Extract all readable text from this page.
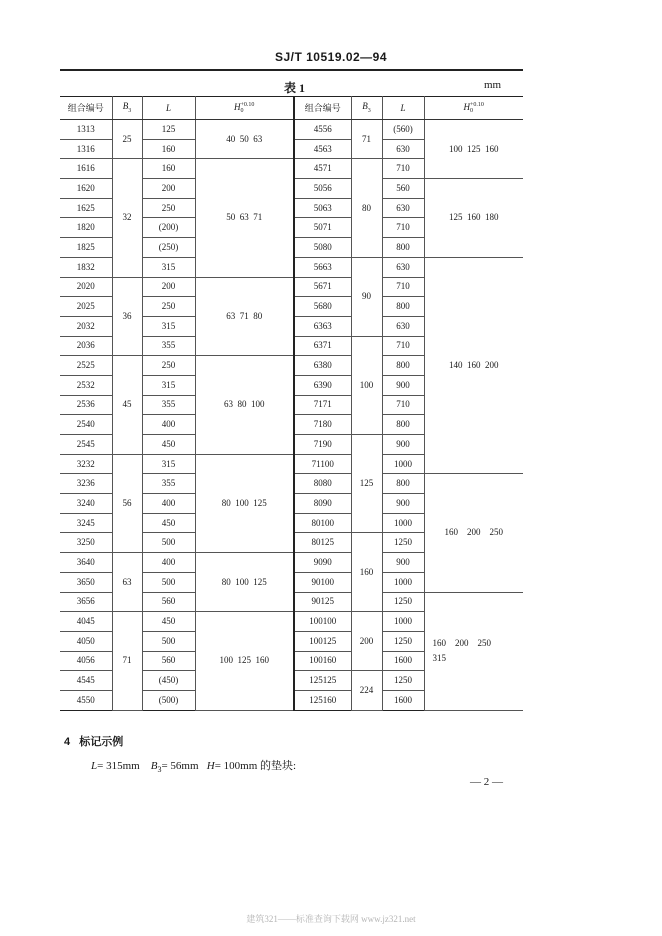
SJ/T 10519.02—94
表 1	mm
组合编号	$B_3$	L	H+0.10
0	组合编号	$B_3$	L	H+0.10
0
1313	25	125	40  50  63	4556	71	(560)	100  125  160
1316		160		4563		630	
1616	32	160	50  63  71	4571	80	710	
1620		200		5056		560	125  160  180
1625		250		5063		630	
1820		(200)		5071		710	
1825		(250)		5080		800	
1832		315		5663	90	630	140  160  200
2020	36	200	63  71  80	5671		710	
2025		250		5680		800	
2032		315		6363		630	
2036		355		6371	100	710	
2525	45	250	63  80  100	6380		800	
2532		315		6390		900	
2536		355		7171		710	
2540		400		7180		800	
2545		450		7190	125	900	
3232	56	315	80  100  125	71100		1000	
3236		355		8080		800	160    200    250
3240		400		8090		900	
3245		450		80100		1000	
3250		500		80125	160	1250	
3640	63	400	80  100  125	9090		900	
3650		500		90100		1000	
3656		560		90125		1250	160    200    250
315

4045	71	450	100  125  160	100100	200	1000	
4050		500		100125		1250	
4056		560		100160		1600	
4545		(450)		125125	224	1250	
4550		(500)		125160		1600	
4 标记示例
L= 315mm $B_3= 56mm$ H= 100mm 的垫块:
— 2 —
建筑321——标准查询下载网 www.jz321.net
